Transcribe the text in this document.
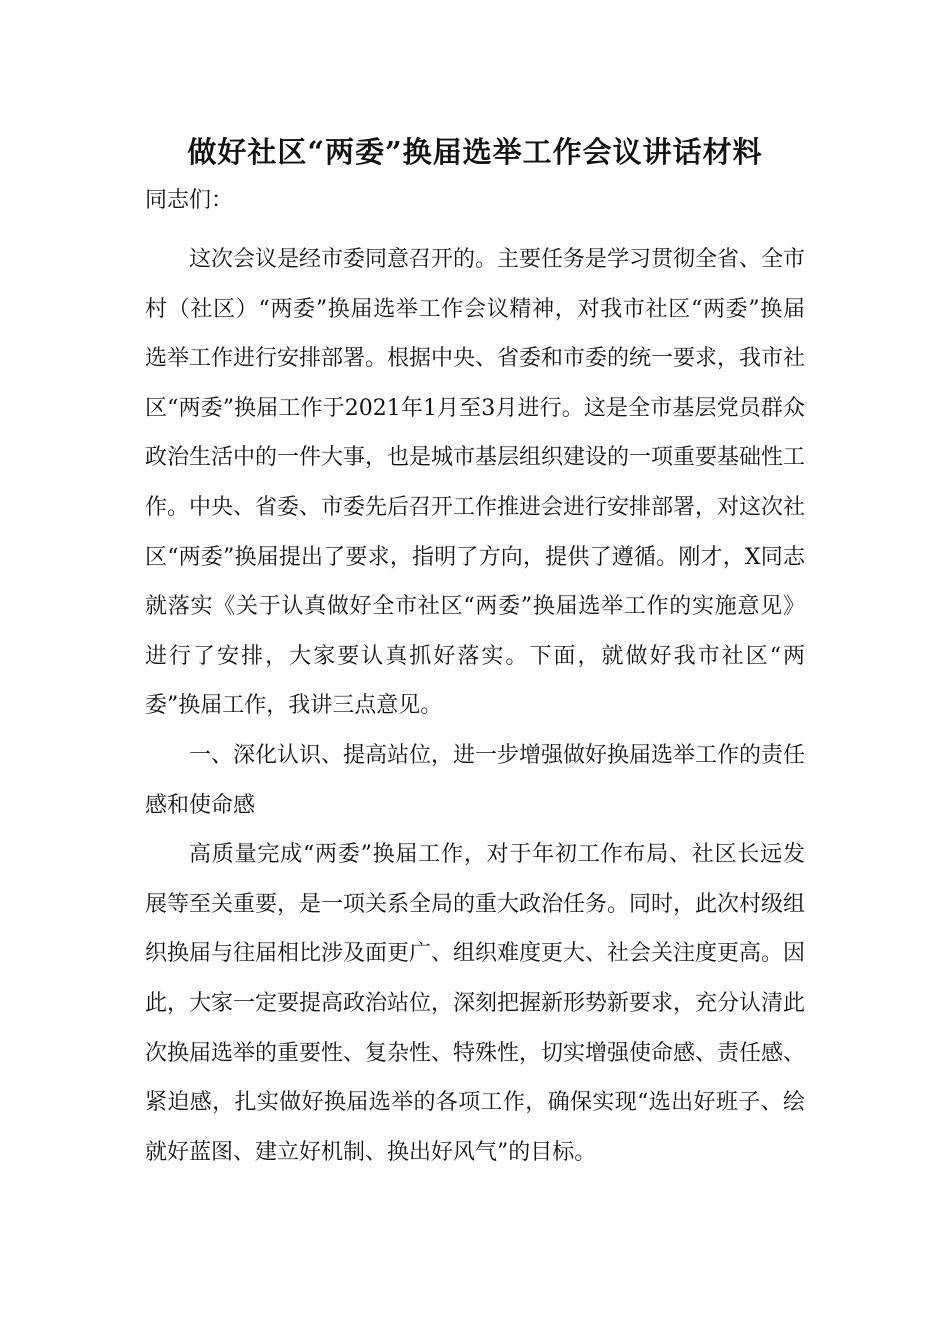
做好社区“两委”换届选举工作会议讲话材料
同志们：

这次会议是经市委同意召开的。主要任务是学习贯彻全省、全市村（社区）“两委”换届选举工作会议精神，对我市社区“两委”换届选举工作进行安排部署。根据中央、省委和市委的统一要求，我市社区“两委”换届工作于2021年1月至3月进行。这是全市基层党员群众政治生活中的一件大事，也是城市基层组织建设的一项重要基础性工作。中央、省委、市委先后召开工作推进会进行安排部署，对这次社区“两委”换届提出了要求，指明了方向，提供了遵循。刚才，X同志就落实《关于认真做好全市社区“两委”换届选举工作的实施意见》进行了安排，大家要认真抓好落实。下面，就做好我市社区“两委”换届工作，我讲三点意见。

一、深化认识、提高站位，进一步增强做好换届选举工作的责任感和使命感

高质量完成“两委”换届工作，对于年初工作布局、社区长远发展等至关重要，是一项关系全局的重大政治任务。同时，此次村级组织换届与往届相比涉及面更广、组织难度更大、社会关注度更高。因此，大家一定要提高政治站位，深刻把握新形势新要求，充分认清此次换届选举的重要性、复杂性、特殊性，切实增强使命感、责任感、紧迫感，扎实做好换届选举的各项工作，确保实现“选出好班子、绘就好蓝图、建立好机制、换出好风气”的目标。
